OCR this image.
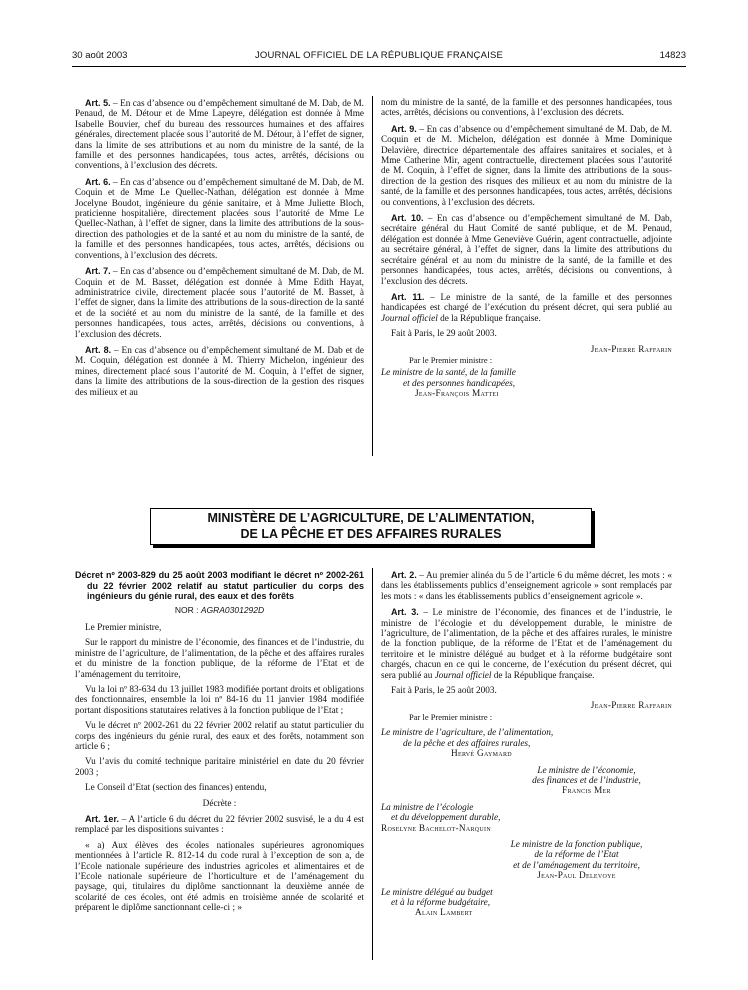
30 août 2003	JOURNAL OFFICIEL DE LA RÉPUBLIQUE FRANÇAISE	14823

Art. 5. – En cas d’absence ou d’empêchement simultané de M. Dab, de M. Penaud, de M. Détour et de Mme Lapeyre, délégation est donnée à Mme Isabelle Bouvier, chef du bureau des ressources humaines et des affaires générales, directement placée sous l’autorité de M. Détour, à l’effet de signer, dans la limite de ses attributions et au nom du ministre de la santé, de la famille et des personnes handicapées, tous actes, arrêtés, décisions ou conventions, à l’exclusion des décrets.

Art. 6. – En cas d’absence ou d’empêchement simultané de M. Dab, de M. Coquin et de Mme Le Quellec-Nathan, délégation est donnée à Mme Jocelyne Boudot, ingénieure du génie sanitaire, et à Mme Juliette Bloch, praticienne hospitalière, directement placées sous l’autorité de Mme Le Quellec-Nathan, à l’effet de signer, dans la limite des attributions de la sous-direction des pathologies et de la santé et au nom du ministre de la santé, de la famille et des personnes handicapées, tous actes, arrêtés, décisions ou conventions, à l’exclusion des décrets.

Art. 7. – En cas d’absence ou d’empêchement simultané de M. Dab, de M. Coquin et de M. Basset, délégation est donnée à Mme Edith Hayat, administratrice civile, directement placée sous l’autorité de M. Basset, à l’effet de signer, dans la limite des attributions de la sous-direction de la santé et de la société et au nom du ministre de la santé, de la famille et des personnes handicapées, tous actes, arrêtés, décisions ou conventions, à l’exclusion des décrets.

Art. 8. – En cas d’absence ou d’empêchement simultané de M. Dab et de M. Coquin, délégation est donnée à M. Thierry Michelon, ingénieur des mines, directement placé sous l’autorité de M. Coquin, à l’effet de signer, dans la limite des attributions de la sous-direction de la gestion des risques des milieux et au

nom du ministre de la santé, de la famille et des personnes handicapées, tous actes, arrêtés, décisions ou conventions, à l’exclusion des décrets.

Art. 9. – En cas d’absence ou d’empêchement simultané de M. Dab, de M. Coquin et de M. Michelon, délégation est donnée à Mme Dominique Delavière, directrice départementale des affaires sanitaires et sociales, et à Mme Catherine Mir, agent contractuelle, directement placées sous l’autorité de M. Coquin, à l’effet de signer, dans la limite des attributions de la sous-direction de la gestion des risques des milieux et au nom du ministre de la santé, de la famille et des personnes handicapées, tous actes, arrêtés, décisions ou conventions, à l’exclusion des décrets.

Art. 10. – En cas d’absence ou d’empêchement simultané de M. Dab, secrétaire général du Haut Comité de santé publique, et de M. Penaud, délégation est donnée à Mme Geneviève Guérin, agent contractuelle, adjointe au secrétaire général, à l’effet de signer, dans la limite des attributions du secrétaire général et au nom du ministre de la santé, de la famille et des personnes handicapées, tous actes, arrêtés, décisions ou conventions, à l’exclusion des décrets.

Art. 11. – Le ministre de la santé, de la famille et des personnes handicapées est chargé de l’exécution du présent décret, qui sera publié au Journal officiel de la République française.

Fait à Paris, le 29 août 2003.

Jean-Pierre Raffarin
Par le Premier ministre :
Le ministre de la santé, de la famille
et des personnes handicapées,
Jean-François Mattei
MINISTÈRE DE L’AGRICULTURE, DE L’ALIMENTATION,
DE LA PÊCHE ET DES AFFAIRES RURALES
Décret nº 2003-829 du 25 août 2003 modifiant le décret nº 2002-261 du 22 février 2002 relatif au statut particulier du corps des ingénieurs du génie rural, des eaux et des forêts
NOR : AGRA0301292D

Le Premier ministre,

Sur le rapport du ministre de l’économie, des finances et de l’industrie, du ministre de l’agriculture, de l’alimentation, de la pêche et des affaires rurales et du ministre de la fonction publique, de la réforme de l’Etat et de l’aménagement du territoire,

Vu la loi nº 83-634 du 13 juillet 1983 modifiée portant droits et obligations des fonctionnaires, ensemble la loi nº 84-16 du 11 janvier 1984 modifiée portant dispositions statutaires relatives à la fonction publique de l’Etat ;

Vu le décret nº 2002-261 du 22 février 2002 relatif au statut particulier du corps des ingénieurs du génie rural, des eaux et des forêts, notamment son article 6 ;

Vu l’avis du comité technique paritaire ministériel en date du 20 février 2003 ;

Le Conseil d’Etat (section des finances) entendu,

Décrète :

Art. 1er. – A l’article 6 du décret du 22 février 2002 susvisé, le a du 4 est remplacé par les dispositions suivantes :

« a) Aux élèves des écoles nationales supérieures agronomiques mentionnées à l’article R. 812-14 du code rural à l’exception de son a, de l’Ecole nationale supérieure des industries agricoles et alimentaires et de l’Ecole nationale supérieure de l’horticulture et de l’aménagement du paysage, qui, titulaires du diplôme sanctionnant la deuxième année de scolarité de ces écoles, ont été admis en troisième année de scolarité et préparent le diplôme sanctionnant celle-ci ; »

Art. 2. – Au premier alinéa du 5 de l’article 6 du même décret, les mots : « dans les établissements publics d’enseignement agricole » sont remplacés par les mots : « dans les établissements publics d’enseignement agricole ».

Art. 3. – Le ministre de l’économie, des finances et de l’industrie, le ministre de l’écologie et du développement durable, le ministre de l’agriculture, de l’alimentation, de la pêche et des affaires rurales, le ministre de la fonction publique, de la réforme de l’Etat et de l’aménagement du territoire et le ministre délégué au budget et à la réforme budgétaire sont chargés, chacun en ce qui le concerne, de l’exécution du présent décret, qui sera publié au Journal officiel de la République française.

Fait à Paris, le 25 août 2003.

Jean-Pierre Raffarin
Par le Premier ministre :
Le ministre de l’agriculture, de l’alimentation,
de la pêche et des affaires rurales,
Hervé Gaymard
Le ministre de l’économie,
des finances et de l’industrie,
Francis Mer
La ministre de l’écologie
et du développement durable,
Roselyne Bachelot-Narquin
Le ministre de la fonction publique,
de la réforme de l’Etat
et de l’aménagement du territoire,
Jean-Paul Delevoye
Le ministre délégué au budget
et à la réforme budgétaire,
Alain Lambert
